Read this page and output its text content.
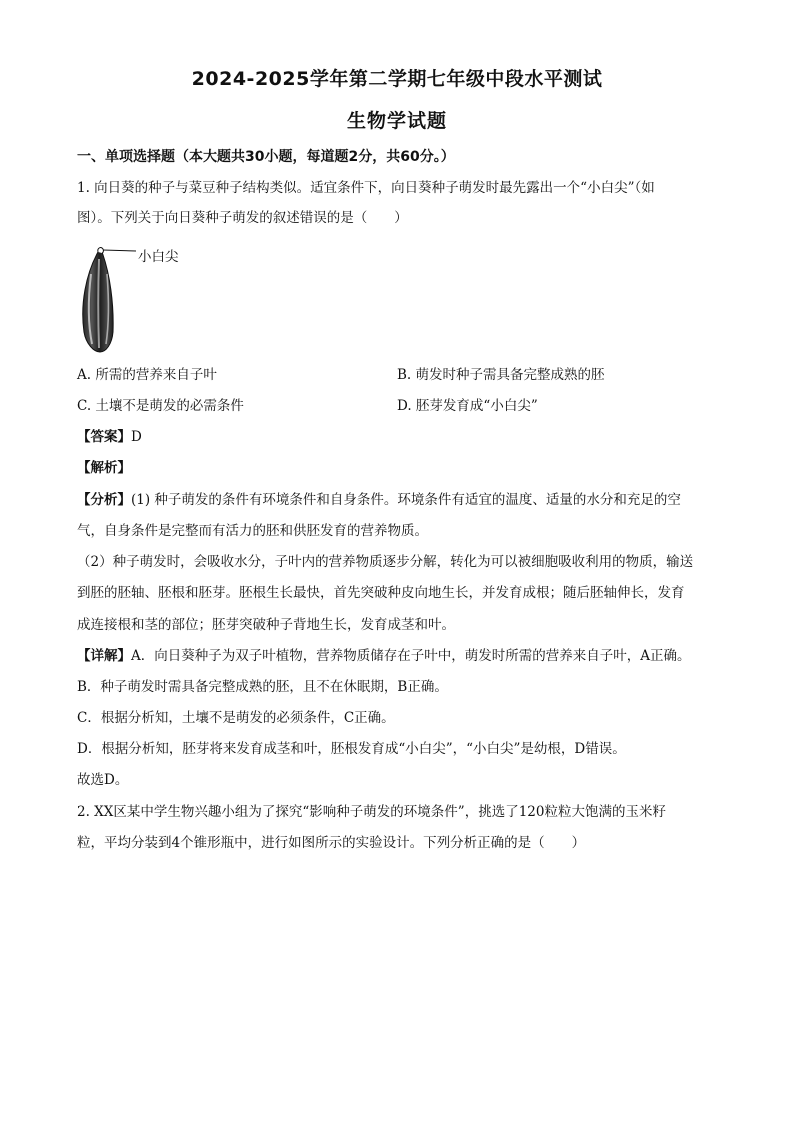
2024-2025学年第二学期七年级中段水平测试
生物学试题
一、单项选择题（本大题共30小题，每道题2分，共60分。）
1. 向日葵的种子与菜豆种子结构类似。适宜条件下，向日葵种子萌发时最先露出一个“小白尖”（如
图）。下列关于向日葵种子萌发的叙述错误的是（　　）
小白尖
A. 所需的营养来自子叶	B. 萌发时种子需具备完整成熟的胚
C. 土壤不是萌发的必需条件	D. 胚芽发育成“小白尖”
【答案】D
【解析】
【分析】(1) 种子萌发的条件有环境条件和自身条件。环境条件有适宜的温度、适量的水分和充足的空
气，自身条件是完整而有活力的胚和供胚发育的营养物质。
（2）种子萌发时，会吸收水分，子叶内的营养物质逐步分解，转化为可以被细胞吸收利用的物质，输送
到胚的胚轴、胚根和胚芽。胚根生长最快，首先突破种皮向地生长，并发育成根；随后胚轴伸长，发育
成连接根和茎的部位；胚芽突破种子背地生长，发育成茎和叶。
【详解】A．向日葵种子为双子叶植物，营养物质储存在子叶中，萌发时所需的营养来自子叶，A正确。
B．种子萌发时需具备完整成熟的胚，且不在休眠期，B正确。
C．根据分析知，土壤不是萌发的必须条件，C正确。
D．根据分析知，胚芽将来发育成茎和叶，胚根发育成“小白尖”，“小白尖”是幼根，D错误。
故选D。
2. XX区某中学生物兴趣小组为了探究“影响种子萌发的环境条件”，挑选了120粒粒大饱满的玉米籽
粒，平均分装到4个锥形瓶中，进行如图所示的实验设计。下列分析正确的是（　　）
